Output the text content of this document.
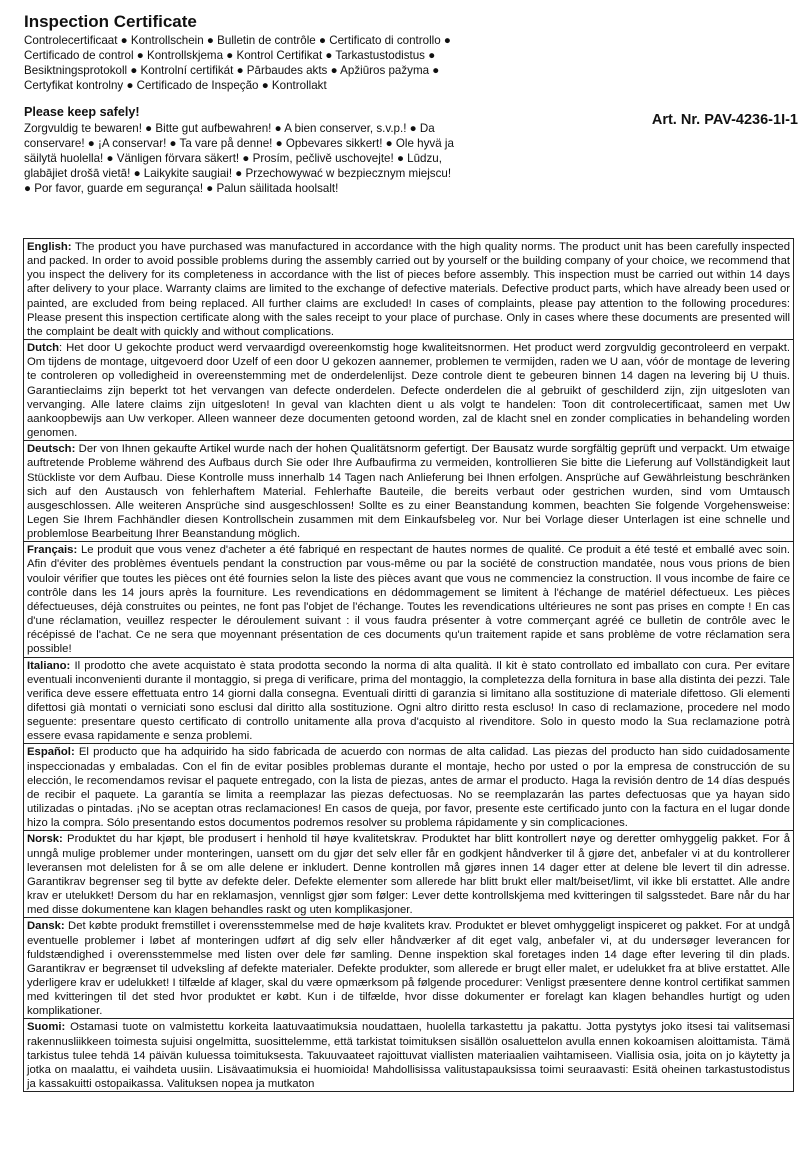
Inspection Certificate

Controlecertificaat ● Kontrollschein ● Bulletin de contrôle ● Certificato di controllo ● Certificado de control ● Kontrollskjema ● Kontrol Certifikat ● Tarkastustodistus ● Besiktningsprotokoll ● Kontrolní certifikát ● Pārbaudes akts ● Apžiūros pažyma ● Certyfikat kontrolny ● Certificado de Inspeção ● Kontrollakt

Please keep safely!

Zorgvuldig te bewaren! ● Bitte gut aufbewahren! ● A bien conserver, s.v.p.! ● Da conservare! ● ¡A conservar! ● Ta vare på denne! ● Opbevares sikkert! ● Ole hyvä ja säilytä huolella! ● Vänligen förvara säkert! ● Prosím, pečlivě uschovejte! ● Lūdzu, glabājiet drošā vietā! ● Laikykite saugiai! ● Przechowywać w bezpiecznym miejscu! ● Por favor, guarde em segurança! ● Palun säilitada hoolsalt!

Art. Nr. PAV-4236-1I-1
English: The product you have purchased was manufactured in accordance with the high quality norms. The product unit has been carefully inspected and packed. In order to avoid possible problems during the assembly carried out by yourself or the building company of your choice, we recommend that you inspect the delivery for its completeness in accordance with the list of pieces before assembly. This inspection must be carried out within 14 days after delivery to your place. Warranty claims are limited to the exchange of defective materials. Defective product parts, which have already been used or painted, are excluded from being replaced. All further claims are excluded! In cases of complaints, please pay attention to the following procedures: Please present this inspection certificate along with the sales receipt to your place of purchase. Only in cases where these documents are presented will the complaint be dealt with quickly and without complications.
Dutch: Het door U gekochte product werd vervaardigd overeenkomstig hoge kwaliteitsnormen. Het product werd zorgvuldig gecontroleerd en verpakt. Om tijdens de montage, uitgevoerd door Uzelf of een door U gekozen aannemer, problemen te vermijden, raden we U aan, vóór de montage de levering te controleren op volledigheid in overeenstemming met de onderdelenlijst. Deze controle dient te gebeuren binnen 14 dagen na levering bij U thuis. Garantieclaims zijn beperkt tot het vervangen van defecte onderdelen. Defecte onderdelen die al gebruikt of geschilderd zijn, zijn uitgesloten van vervanging. Alle latere claims zijn uitgesloten! In geval van klachten dient u als volgt te handelen: Toon dit controlecertificaat, samen met Uw aankoopbewijs aan Uw verkoper. Alleen wanneer deze documenten getoond worden, zal de klacht snel en zonder complicaties in behandeling worden genomen.
Deutsch: Der von Ihnen gekaufte Artikel wurde nach der hohen Qualitätsnorm gefertigt. Der Bausatz wurde sorgfältig geprüft und verpackt. Um etwaige auftretende Probleme während des Aufbaus durch Sie oder Ihre Aufbaufirma zu vermeiden, kontrollieren Sie bitte die Lieferung auf Vollständigkeit laut Stückliste vor dem Aufbau. Diese Kontrolle muss innerhalb 14 Tagen nach Anlieferung bei Ihnen erfolgen. Ansprüche auf Gewährleistung beschränken sich auf den Austausch von fehlerhaftem Material. Fehlerhafte Bauteile, die bereits verbaut oder gestrichen wurden, sind vom Umtausch ausgeschlossen. Alle weiteren Ansprüche sind ausgeschlossen! Sollte es zu einer Beanstandung kommen, beachten Sie folgende Vorgehensweise: Legen Sie Ihrem Fachhändler diesen Kontrollschein zusammen mit dem Einkaufsbeleg vor. Nur bei Vorlage dieser Unterlagen ist eine schnelle und problemlose Bearbeitung Ihrer Beanstandung möglich.
Français: Le produit que vous venez d'acheter a été fabriqué en respectant de hautes normes de qualité. Ce produit a été testé et emballé avec soin. Afin d'éviter des problèmes éventuels pendant la construction par vous-même ou par la société de construction mandatée, nous vous prions de bien vouloir vérifier que toutes les pièces ont été fournies selon la liste des pièces avant que vous ne commenciez la construction. Il vous incombe de faire ce contrôle dans les 14 jours après la fourniture. Les revendications en dédommagement se limitent à l'échange de matériel défectueux. Les pièces défectueuses, déjà construites ou peintes, ne font pas l'objet de l'échange. Toutes les revendications ultérieures ne sont pas prises en compte ! En cas d'une réclamation, veuillez respecter le déroulement suivant : il vous faudra présenter à votre commerçant agréé ce bulletin de contrôle avec le récépissé de l'achat. Ce ne sera que moyennant présentation de ces documents qu'un traitement rapide et sans problème de votre réclamation sera possible!
Italiano: Il prodotto che avete acquistato è stata prodotta secondo la norma di alta qualità. Il kit è stato controllato ed imballato con cura. Per evitare eventuali inconvenienti durante il montaggio, si prega di verificare, prima del montaggio, la completezza della fornitura in base alla distinta dei pezzi. Tale verifica deve essere effettuata entro 14 giorni dalla consegna. Eventuali diritti di garanzia si limitano alla sostituzione di materiale difettoso. Gli elementi difettosi già montati o verniciati sono esclusi dal diritto alla sostituzione. Ogni altro diritto resta escluso! In caso di reclamazione, procedere nel modo seguente: presentare questo certificato di controllo unitamente alla prova d'acquisto al rivenditore. Solo in questo modo la Sua reclamazione potrà essere evasa rapidamente e senza problemi.
Español: El producto que ha adquirido ha sido fabricada de acuerdo con normas de alta calidad. Las piezas del producto han sido cuidadosamente inspeccionadas y embaladas. Con el fin de evitar posibles problemas durante el montaje, hecho por usted o por la empresa de construcción de su elección, le recomendamos revisar el paquete entregado, con la lista de piezas, antes de armar el producto. Haga la revisión dentro de 14 días después de recibir el paquete. La garantía se limita a reemplazar las piezas defectuosas. No se reemplazarán las partes defectuosas que ya hayan sido utilizadas o pintadas. ¡No se aceptan otras reclamaciones! En casos de queja, por favor, presente este certificado junto con la factura en el lugar donde hizo la compra. Sólo presentando estos documentos podremos resolver su problema rápidamente y sin complicaciones.
Norsk: Produktet du har kjøpt, ble produsert i henhold til høye kvalitetskrav. Produktet har blitt kontrollert nøye og deretter omhyggelig pakket. For å unngå mulige problemer under monteringen, uansett om du gjør det selv eller får en godkjent håndverker til å gjøre det, anbefaler vi at du kontrollerer leveransen mot delelisten for å se om alle delene er inkludert. Denne kontrollen må gjøres innen 14 dager etter at delene ble levert til din adresse. Garantikrav begrenser seg til bytte av defekte deler. Defekte elementer som allerede har blitt brukt eller malt/beiset/limt, vil ikke bli erstattet. Alle andre krav er utelukket! Dersom du har en reklamasjon, vennligst gjør som følger: Lever dette kontrollskjema med kvitteringen til salgsstedet. Bare når du har med disse dokumentene kan klagen behandles raskt og uten komplikasjoner.
Dansk: Det købte produkt fremstillet i overensstemmelse med de høje kvalitets krav. Produktet er blevet omhyggeligt inspiceret og pakket. For at undgå eventuelle problemer i løbet af monteringen udført af dig selv eller håndværker af dit eget valg, anbefaler vi, at du undersøger leverancen for fuldstændighed i overensstemmelse med listen over dele før samling. Denne inspektion skal foretages inden 14 dage efter levering til din plads. Garantikrav er begrænset til udveksling af defekte materialer. Defekte produkter, som allerede er brugt eller malet, er udelukket fra at blive erstattet. Alle yderligere krav er udelukket! I tilfælde af klager, skal du være opmærksom på følgende procedurer: Venligst præsentere denne kontrol certifikat sammen med kvitteringen til det sted hvor produktet er købt. Kun i de tilfælde, hvor disse dokumenter er forelagt kan klagen behandles hurtigt og uden komplikationer.
Suomi: Ostamasi tuote on valmistettu korkeita laatuvaatimuksia noudattaen, huolella tarkastettu ja pakattu. Jotta pystytys joko itsesi tai valitsemasi rakennusliikkeen toimesta sujuisi ongelmitta, suosittelemme, että tarkistat toimituksen sisällön osaluettelon avulla ennen kokoamisen aloittamista. Tämä tarkistus tulee tehdä 14 päivän kuluessa toimituksesta. Takuuvaateet rajoittuvat viallisten materiaalien vaihtamiseen. Viallisia osia, joita on jo käytetty ja jotka on maalattu, ei vaihdeta uusiin. Lisävaatimuksia ei huomioida! Mahdollisissa valitustapauksissa toimi seuraavasti: Esitä oheinen tarkastustodistus ja kassakuitti ostopaikassa. Valituksen nopea ja mutkaton
